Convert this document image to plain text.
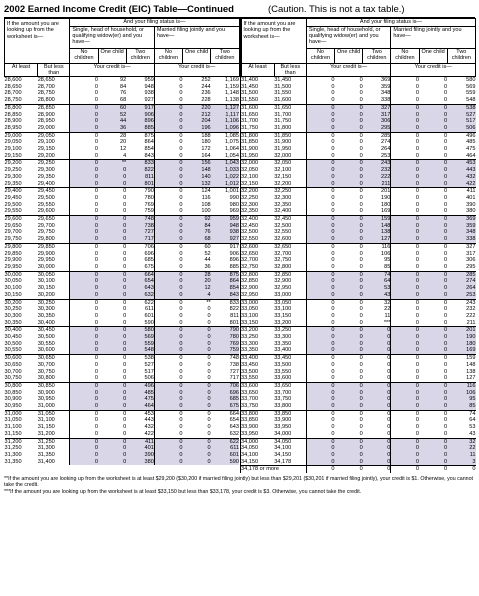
2002 Earned Income Credit (EIC) Table—Continued	(Caution. This is not a tax table.)
If the amount you are looking up from the worksheet is—		And your filing status is—					
		Single, head of household, or qualifying widow(er) and you have—			Married filing jointly and you have—		
		No children	One child	Two children	No children	One child	Two children
At least	But less than	Your credit is—			Your credit is—		
28,600	28,650	0	92	959	0	252	1,169
28,650	28,700	0	84	948	0	244	1,159
28,700	28,750	0	76	938	0	236	1,148
28,750	28,800	0	68	927	0	228	1,138
28,800	28,850	0	60	917	0	220	1,127
28,850	28,900	0	52	906	0	212	1,117
28,900	28,950	0	44	896	0	204	1,106
28,950	29,000	0	36	885	0	196	1,096
29,000	29,050	0	28	875	0	188	1,085
29,050	29,100	0	20	864	0	180	1,075
29,100	29,150	0	12	854	0	172	1,064
29,150	29,200	0	4	843	0	164	1,054
29,200	29,250	0	**	833	0	156	1,043
29,250	29,300	0	0	822	0	148	1,033
29,300	29,350	0	0	811	0	140	1,022
29,350	29,400	0	0	801	0	132	1,012
29,400	29,450	0	0	790	0	124	1,001
29,450	29,500	0	0	780	0	116	990
29,500	29,550	0	0	769	0	108	980
29,550	29,600	0	0	759	0	100	969
29,600	29,650	0	0	748	0	92	959
29,650	29,700	0	0	738	0	84	948
29,700	29,750	0	0	727	0	76	938
29,750	29,800	0	0	717	0	68	927
29,800	29,850	0	0	706	0	60	917
29,850	29,900	0	0	696	0	52	906
29,900	29,950	0	0	685	0	44	896
29,950	30,000	0	0	675	0	36	885
30,000	30,050	0	0	664	0	28	875
30,050	30,100	0	0	654	0	20	864
30,100	30,150	0	0	643	0	12	854
30,150	30,200	0	0	632	0	4	843
30,200	30,250	0	0	622	0	**	833
30,250	30,300	0	0	611	0	0	822
30,300	30,350	0	0	601	0	0	811
30,350	30,400	0	0	590	0	0	801
30,400	30,450	0	0	580	0	0	790
30,450	30,500	0	0	569	0	0	780
30,500	30,550	0	0	559	0	0	769
30,550	30,600	0	0	548	0	0	759
30,600	30,650	0	0	538	0	0	748
30,650	30,700	0	0	527	0	0	738
30,700	30,750	0	0	517	0	0	727
30,750	30,800	0	0	506	0	0	717
30,800	30,850	0	0	496	0	0	706
30,850	30,900	0	0	485	0	0	696
30,900	30,950	0	0	475	0	0	685
30,950	31,000	0	0	464	0	0	675
31,000	31,050	0	0	453	0	0	664
31,050	31,100	0	0	443	0	0	654
31,100	31,150	0	0	432	0	0	643
31,150	31,200	0	0	422	0	0	632
31,200	31,250	0	0	411	0	0	622
31,250	31,300	0	0	401	0	0	611
31,300	31,350	0	0	390	0	0	601
31,350	31,400	0	0	380	0	0	590
If the amount you are looking up from the worksheet is—		And your filing status is—					
		Single, head of household, or qualifying widow(er) and you have—			Married filing jointly and you have—		
		No children	One child	Two children	No children	One child	Two children
At least	But less than	Your credit is—			Your credit is—		
31,400	31,450	0	0	369	0	0	580
31,450	31,500	0	0	359	0	0	569
31,500	31,550	0	0	348	0	0	559
31,550	31,600	0	0	338	0	0	548
31,600	31,650	0	0	327	0	0	538
31,650	31,700	0	0	317	0	0	527
31,700	31,750	0	0	306	0	0	517
31,750	31,800	0	0	295	0	0	506
31,800	31,850	0	0	285	0	0	496
31,850	31,900	0	0	274	0	0	485
31,900	31,950	0	0	264	0	0	475
31,950	32,000	0	0	253	0	0	464
32,000	32,050	0	0	243	0	0	453
32,050	32,100	0	0	232	0	0	443
32,100	32,150	0	0	222	0	0	432
32,150	32,200	0	0	211	0	0	422
32,200	32,250	0	0	201	0	0	411
32,250	32,300	0	0	190	0	0	401
32,300	32,350	0	0	180	0	0	390
32,350	32,400	0	0	169	0	0	380
32,400	32,450	0	0	159	0	0	369
32,450	32,500	0	0	148	0	0	359
32,500	32,550	0	0	138	0	0	348
32,550	32,600	0	0	127	0	0	338
32,600	32,650	0	0	116	0	0	327
32,650	32,700	0	0	106	0	0	317
32,700	32,750	0	0	95	0	0	306
32,750	32,800	0	0	85	0	0	295
32,800	32,850	0	0	74	0	0	285
32,850	32,900	0	0	64	0	0	274
32,900	32,950	0	0	53	0	0	264
32,950	33,000	0	0	43	0	0	253
33,000	33,050	0	0	32	0	0	243
33,050	33,100	0	0	22	0	0	232
33,100	33,150	0	0	11	0	0	222
33,150	33,200	0	0	***	0	0	211
33,200	33,250	0	0	0	0	0	201
33,250	33,300	0	0	0	0	0	190
33,300	33,350	0	0	0	0	0	180
33,350	33,400	0	0	0	0	0	169
33,400	33,450	0	0	0	0	0	159
33,450	33,500	0	0	0	0	0	148
33,500	33,550	0	0	0	0	0	138
33,550	33,600	0	0	0	0	0	127
33,600	33,650	0	0	0	0	0	116
33,650	33,700	0	0	0	0	0	106
33,700	33,750	0	0	0	0	0	95
33,750	33,800	0	0	0	0	0	85
33,800	33,850	0	0	0	0	0	74
33,850	33,900	0	0	0	0	0	64
33,900	33,950	0	0	0	0	0	53
33,950	34,000	0	0	0	0	0	43
34,000	34,050	0	0	0	0	0	32
34,050	34,100	0	0	0	0	0	22
34,100	34,150	0	0	0	0	0	11
34,150	34,178	0	0	0	0	0	3
34,178 or more		0	0	0	0	0	0

**If the amount you are looking up from the worksheet is at least $29,200 ($30,200 if married filing jointly) but less than $29,201 ($30,201 if married filing jointly), your credit is $1. Otherwise, you cannot take the credit.

***If the amount you are looking up from the worksheet is at least $33,150 but less than $33,178, your credit is $3. Otherwise, you cannot take the credit.
